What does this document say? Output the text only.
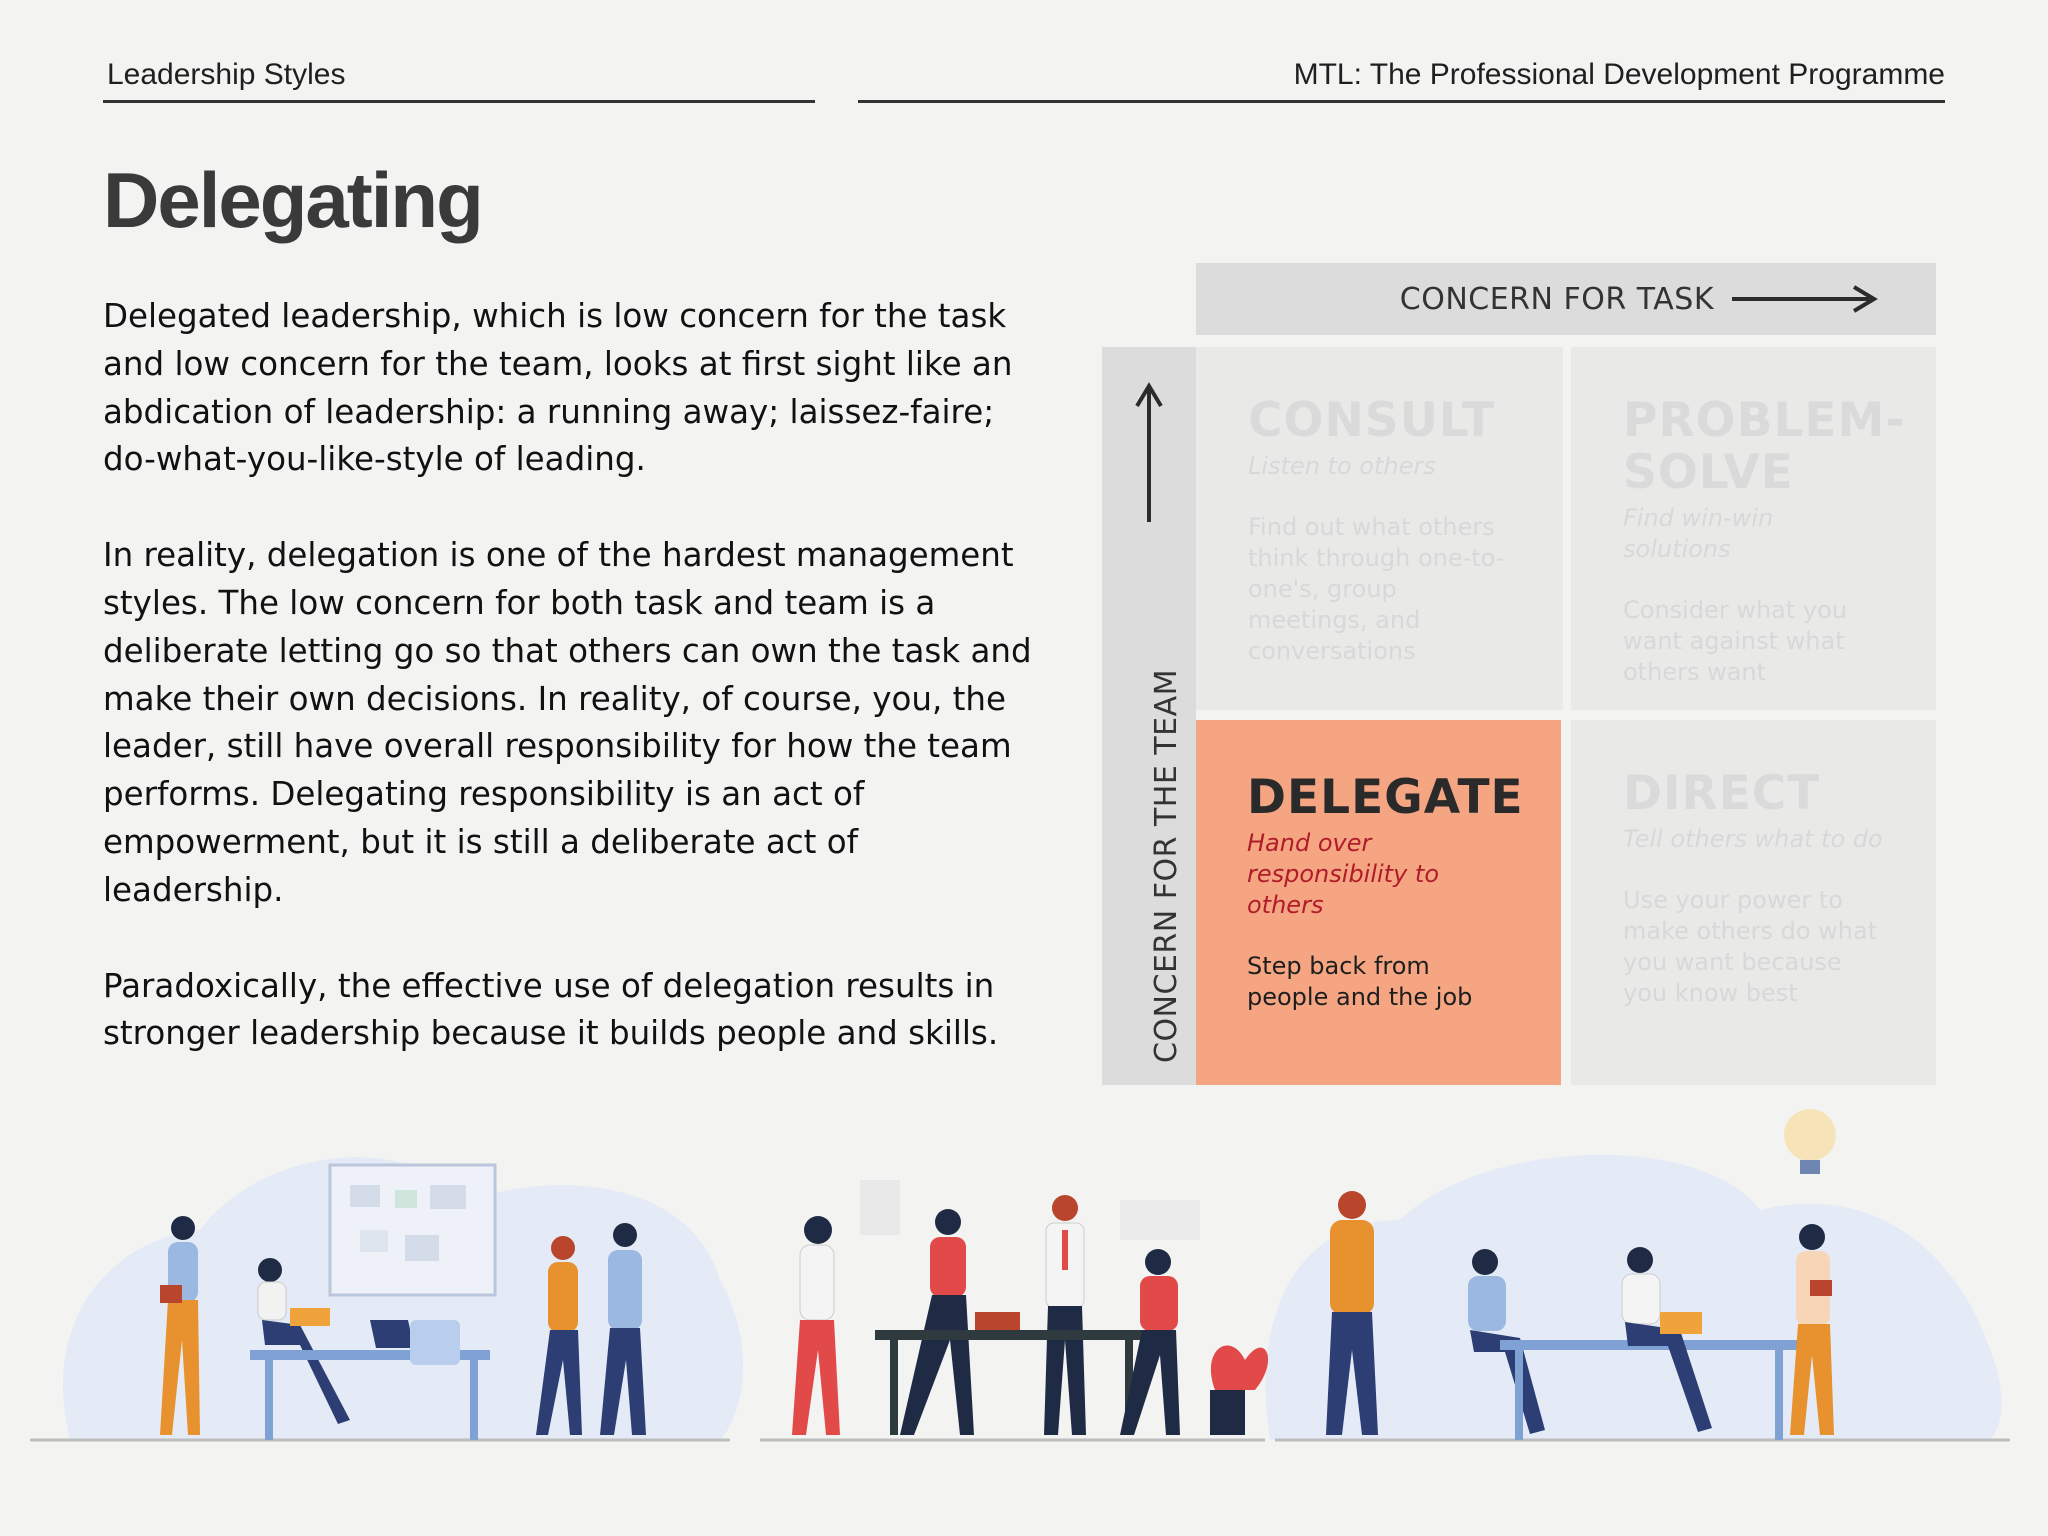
Leadership Styles	MTL: The Professional Development Programme
Delegating

Delegated leadership, which is low concern for the task and low concern for the team, looks at first sight like an abdication of leadership: a running away; laissez-faire; do-what-you-like-style of leading.

In reality, delegation is one of the hardest management styles. The low concern for both task and team is a deliberate letting go so that others can own the task and make their own decisions. In reality, of course, you, the leader, still have overall responsibility for how the team performs. Delegating responsibility is an act of empowerment, but it is still a deliberate act of leadership.

Paradoxically, the effective use of delegation results in stronger leadership because it builds people and skills.

CONCERN FOR TASK
CONCERN FOR THE TEAM
CONSULT
Listen to others
Find out what others think through one-to-one's, group meetings, and conversations
PROBLEM-SOLVE
Find win-win solutions
Consider what you want against what others want
DELEGATE
Hand over responsibility to others
Step back from people and the job
DIRECT
Tell others what to do
Use your power to make others do what you want because you know best
